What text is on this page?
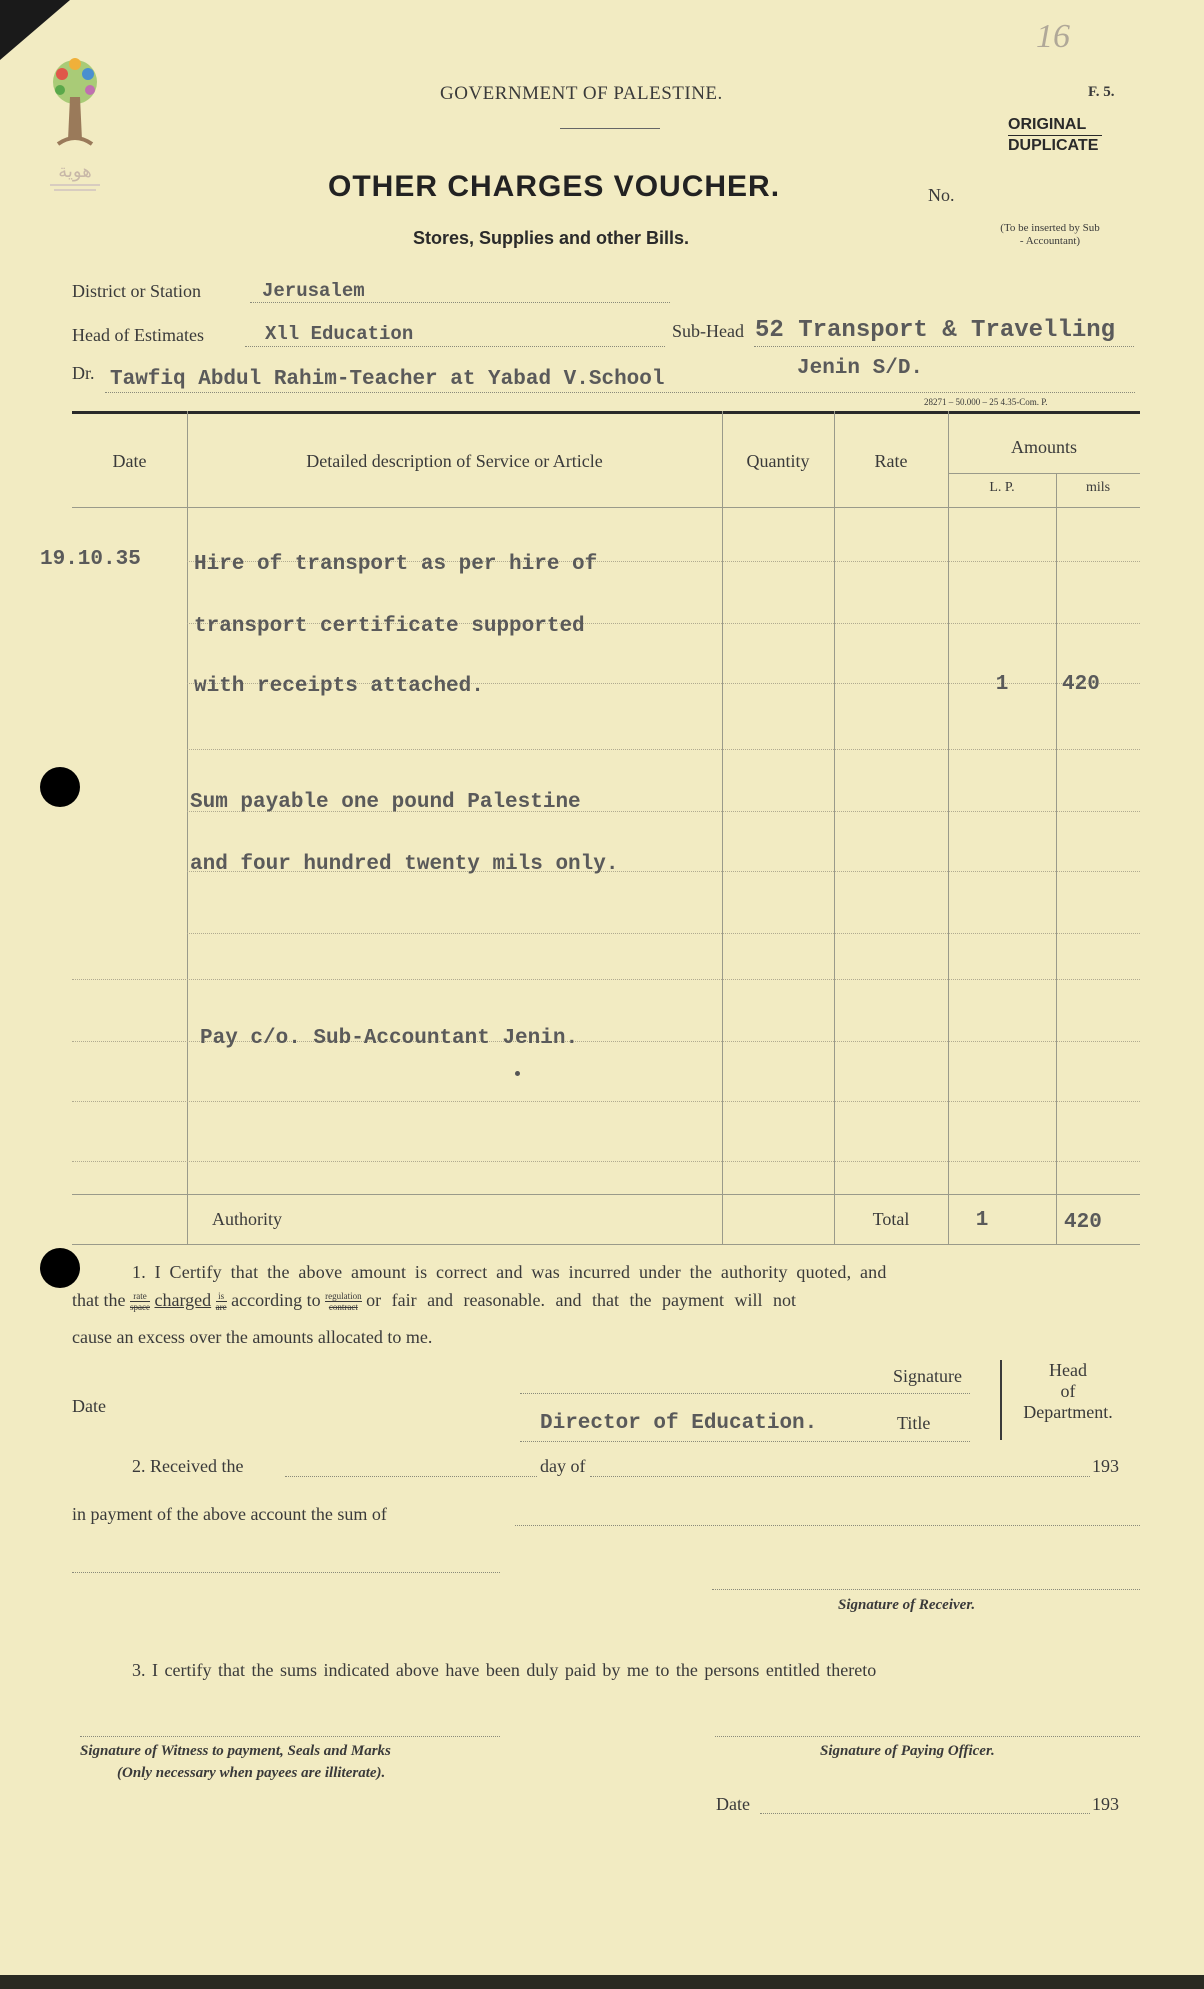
هوية
16
GOVERNMENT OF PALESTINE.	F. 5.
ORIGINAL
DUPLICATE
OTHER CHARGES VOUCHER.	No.
Stores, Supplies and other Bills.	(To be inserted by Sub - Accountant)
District or Station	Jerusalem
Head of Estimates	Xll Education	Sub-Head 52 Transport & Travelling
Dr. Tawfiq Abdul Rahim-Teacher at Yabad V.School	Jenin S/D.
28271 – 50.000 – 25 4.35-Com. P.
Date	Detailed description of Service or Article	Quantity	Rate
Amounts
L. P.	mils
19.10.35	Hire of transport as per hire of
transport certificate supported
with receipts attached.
Sum payable one pound Palestine
and four hundred twenty mils only.
Pay c/o. Sub-Accountant Jenin.
1	420
Authority	Total	1	420
1. I Certify that the above amount is correct and was incurred under the authority quoted, and
that the rate
space charged is
are according to regulation
contract or fair and reasonable. and that the payment will not
cause an excess over the amounts allocated to me.
Signature	Head
of
Department.
Date
Director of Education.	Title
2. Received the	day of	193
in payment of the above account the sum of
Signature of Receiver.
3. I certify that the sums indicated above have been duly paid by me to the persons entitled thereto
Signature of Witness to payment, Seals and Marks
(Only necessary when payees are illiterate).
Signature of Paying Officer.
Date	193
